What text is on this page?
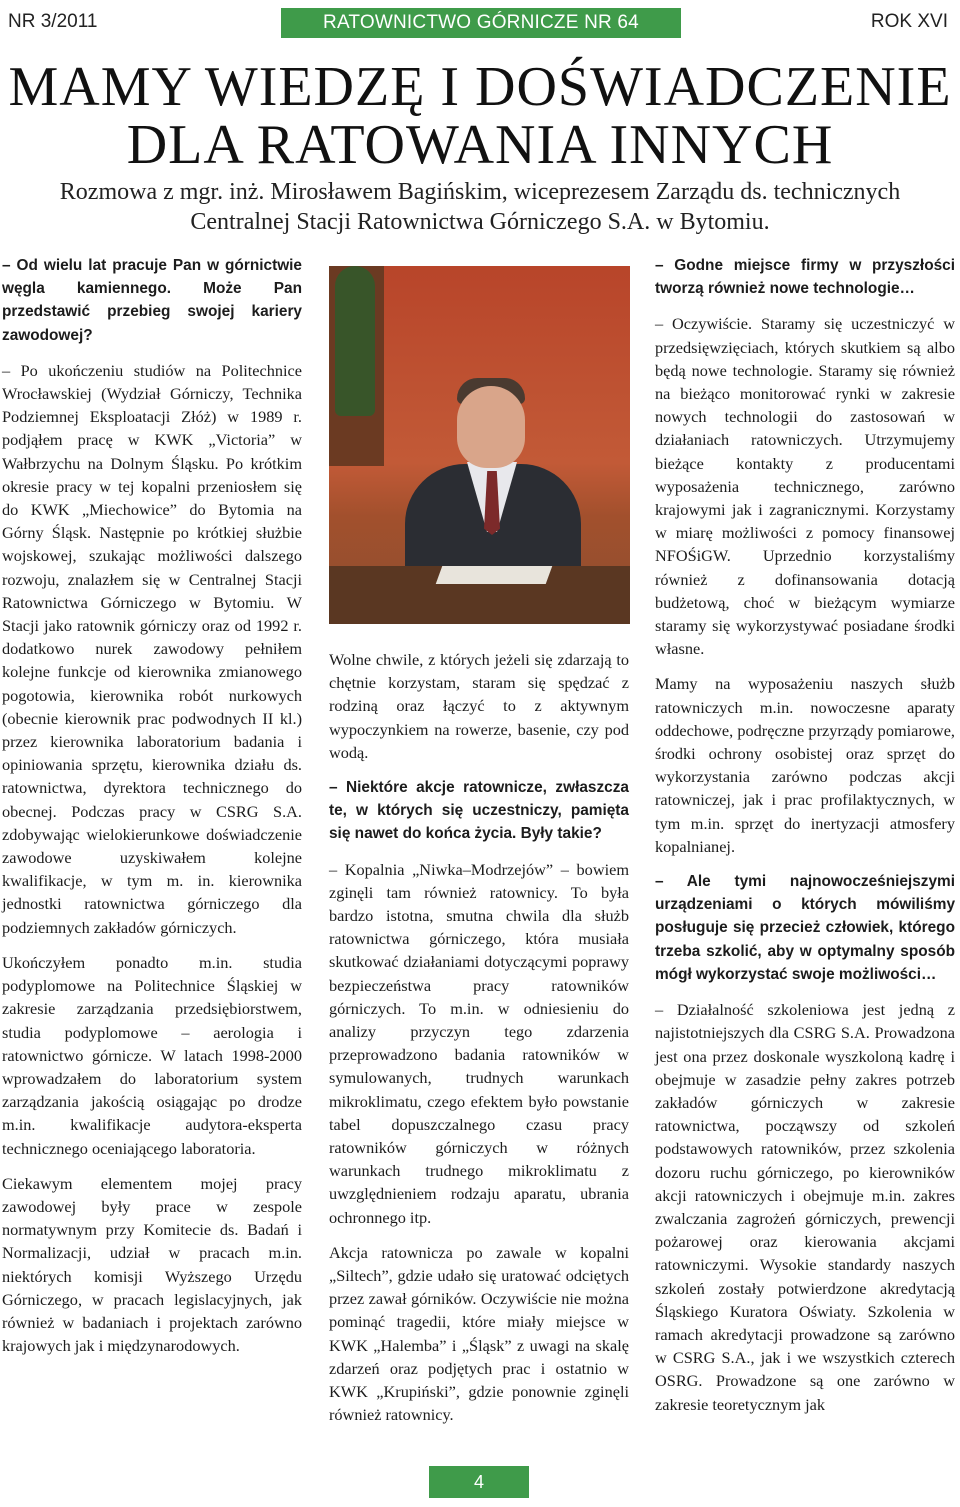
NR 3/2011	RATOWNICTWO GÓRNICZE NR 64	ROK XVI
MAMY WIEDZĘ I DOŚWIADCZENIE
DLA RATOWANIA INNYCH
Rozmowa z mgr. inż. Mirosławem Bagińskim, wiceprezesem Zarządu ds. technicznych
Centralnej Stacji Ratownictwa Górniczego S.A. w Bytomiu.

– Od wielu lat pracuje Pan w górnictwie węgla kamiennego. Może Pan przedstawić przebieg swojej kariery zawodowej?

– Po ukończeniu studiów na Politechnice Wrocławskiej (Wydział Górniczy, Technika Podziemnej Eksploatacji Złóż) w 1989 r. podjąłem pracę w KWK „Victoria” w Wałbrzychu na Dolnym Śląsku. Po krótkim okresie pracy w tej kopalni przeniosłem się do KWK „Miechowice” do Bytomia na Górny Śląsk. Następnie po krótkiej służbie wojskowej, szukając możliwości dalszego rozwoju, znalazłem się w Centralnej Stacji Ratownictwa Górniczego w Bytomiu. W Stacji jako ratownik górniczy oraz od 1992 r. dodatkowo nurek zawodowy pełniłem kolejne funkcje od kierownika zmianowego pogotowia, kierownika robót nurkowych (obecnie kierownik prac podwodnych II kl.) przez kierownika laboratorium badania i opiniowania sprzętu, kierownika działu ds. ratownictwa, dyrektora technicznego do obecnej. Podczas pracy w CSRG S.A. zdobywając wielokierunkowe doświadczenie zawodowe uzyskiwałem kolejne kwalifikacje, w tym m. in. kierownika jednostki ratownictwa górniczego dla podziemnych zakładów górniczych.

Ukończyłem ponadto m.in. studia podyplomowe na Politechnice Śląskiej w zakresie zarządzania przedsiębiorstwem, studia podyplomowe – aerologia i ratownictwo górnicze. W latach 1998-2000 wprowadzałem do laboratorium system zarządzania jakością osiągając po drodze m.in. kwalifikacje audytora-eksperta technicznego oceniającego laboratoria.

Ciekawym elementem mojej pracy zawodowej były prace w zespole normatywnym przy Komitecie ds. Badań i Normalizacji, udział w pracach m.in. niektórych komisji Wyższego Urzędu Górniczego, w pracach legislacyjnych, jak również w badaniach i projektach zarówno krajowych jak i międzynarodowych.

Wolne chwile, z których jeżeli się zdarzają to chętnie korzystam, staram się spędzać z rodziną oraz łączyć to z aktywnym wypoczynkiem na rowerze, basenie, czy pod wodą.

– Niektóre akcje ratownicze, zwłaszcza te, w których się uczestniczy, pamięta się nawet do końca życia. Były takie?

– Kopalnia „Niwka–Modrzejów” – bowiem zginęli tam również ratownicy. To była bardzo istotna, smutna chwila dla służb ratownictwa górniczego, która musiała skutkować działaniami dotyczącymi poprawy bezpieczeństwa pracy ratowników górniczych. To m.in. w odniesieniu do analizy przyczyn tego zdarzenia przeprowadzono badania ratowników w symulowanych, trudnych warunkach mikroklimatu, czego efektem było powstanie tabel dopuszczalnego czasu pracy ratowników górniczych w różnych warunkach trudnego mikroklimatu z uwzględnieniem rodzaju aparatu, ubrania ochronnego itp.

Akcja ratownicza po zawale w kopalni „Siltech”, gdzie udało się uratować odciętych przez zawał górników. Oczywiście nie można pominąć tragedii, które miały miejsce w KWK „Halemba” i „Śląsk” z uwagi na skalę zdarzeń oraz podjętych prac i ostatnio w KWK „Krupiński”, gdzie ponownie zginęli również ratownicy.

– Godne miejsce firmy w przyszłości tworzą również nowe technologie…

– Oczywiście. Staramy się uczestniczyć w przedsięwzięciach, których skutkiem są albo będą nowe technologie. Staramy się również na bieżąco monitorować rynki w zakresie nowych technologii do zastosowań w działaniach ratowniczych. Utrzymujemy bieżące kontakty z producentami wyposażenia technicznego, zarówno krajowymi jak i zagranicznymi. Korzystamy w miarę możliwości z pomocy finansowej NFOŚiGW. Uprzednio korzystaliśmy również z dofinansowania dotacją budżetową, choć w bieżącym wymiarze staramy się wykorzystywać posiadane środki własne.

Mamy na wyposażeniu naszych służb ratowniczych m.in. nowoczesne aparaty oddechowe, podręczne przyrządy pomiarowe, środki ochrony osobistej oraz sprzęt do wykorzystania zarówno podczas akcji ratowniczej, jak i prac profilaktycznych, w tym m.in. sprzęt do inertyzacji atmosfery kopalnianej.

– Ale tymi najnowocześniejszymi urządzeniami o których mówiliśmy posługuje się przecież człowiek, którego trzeba szkolić, aby w optymalny sposób mógł wykorzystać swoje możliwości…

– Działalność szkoleniowa jest jedną z najistotniejszych dla CSRG S.A. Prowadzona jest ona przez doskonale wyszkoloną kadrę i obejmuje w zasadzie pełny zakres potrzeb zakładów górniczych w zakresie ratownictwa, począwszy od szkoleń podstawowych ratowników, przez szkolenia dozoru ruchu górniczego, po kierowników akcji ratowniczych i obejmuje m.in. zakres zwalczania zagrożeń górniczych, prewencji pożarowej oraz kierowania akcjami ratowniczymi. Wysokie standardy naszych szkoleń zostały potwierdzone akredytacją Śląskiego Kuratora Oświaty. Szkolenia w ramach akredytacji prowadzone są zarówno w CSRG S.A., jak i we wszystkich czterech OSRG. Prowadzone są one zarówno w zakresie teoretycznym jak

4
